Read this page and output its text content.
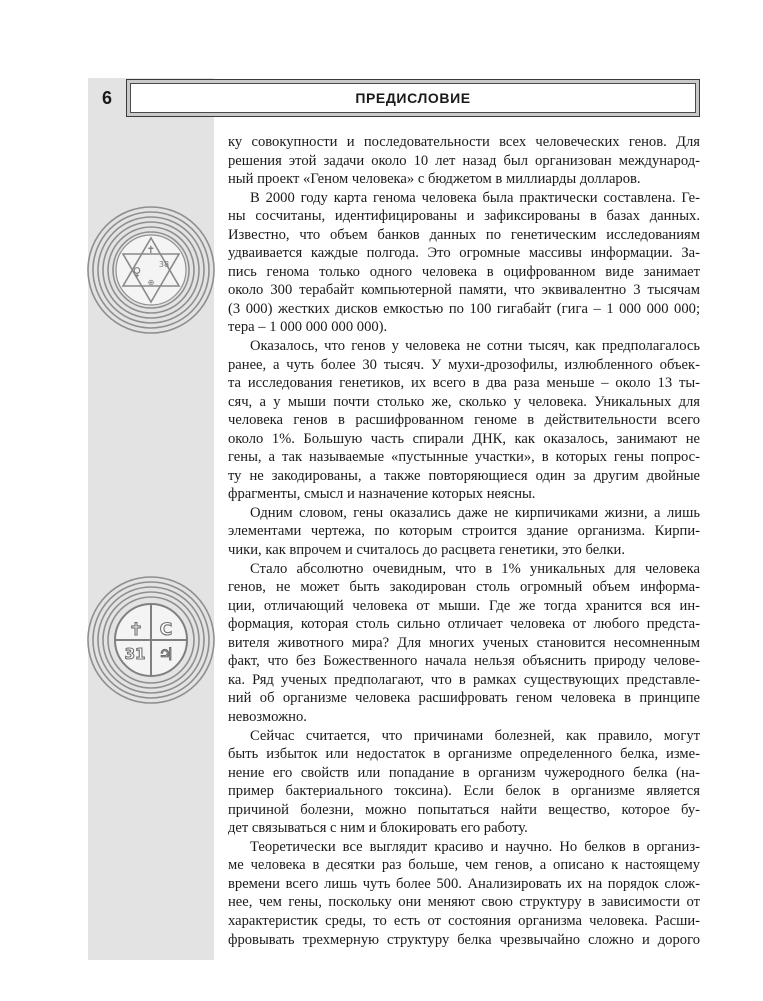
6	ПРЕДИСЛОВИЕ
✝
38
♀
⊕
✝ C
31 ♃
ку совокупности и последовательности всех человеческих генов. Для
решения этой задачи около 10 лет назад был организован международ-
ный проект «Геном человека» с бюджетом в миллиарды долларов.
В 2000 году карта генома человека была практически составлена. Ге-
ны сосчитаны, идентифицированы и зафиксированы в базах данных.
Известно, что объем банков данных по генетическим исследованиям
удваивается каждые полгода. Это огромные массивы информации. За-
пись генома только одного человека в оцифрованном виде занимает
около 300 терабайт компьютерной памяти, что эквивалентно 3 тысячам
(3 000) жестких дисков емкостью по 100 гигабайт (гига – 1 000 000 000;
тера – 1 000 000 000 000).
Оказалось, что генов у человека не сотни тысяч, как предполагалось
ранее, а чуть более 30 тысяч. У мухи-дрозофилы, излюбленного объек-
та исследования генетиков, их всего в два раза меньше – около 13 ты-
сяч, а у мыши почти столько же, сколько у человека. Уникальных для
человека генов в расшифрованном геноме в действительности всего
около 1%. Большую часть спирали ДНК, как оказалось, занимают не
гены, а так называемые «пустынные участки», в которых гены попрос-
ту не закодированы, а также повторяющиеся один за другим двойные
фрагменты, смысл и назначение которых неясны.
Одним словом, гены оказались даже не кирпичиками жизни, а лишь
элементами чертежа, по которым строится здание организма. Кирпи-
чики, как впрочем и считалось до расцвета генетики, это белки.
Стало абсолютно очевидным, что в 1% уникальных для человека
генов, не может быть закодирован столь огромный объем информа-
ции, отличающий человека от мыши. Где же тогда хранится вся ин-
формация, которая столь сильно отличает человека от любого предста-
вителя животного мира? Для многих ученых становится несомненным
факт, что без Божественного начала нельзя объяснить природу челове-
ка. Ряд ученых предполагают, что в рамках существующих представле-
ний об организме человека расшифровать геном человека в принципе
невозможно.
Сейчас считается, что причинами болезней, как правило, могут
быть избыток или недостаток в организме определенного белка, изме-
нение его свойств или попадание в организм чужеродного белка (на-
пример бактериального токсина). Если белок в организме является
причиной болезни, можно попытаться найти вещество, которое бу-
дет связываться с ним и блокировать его работу.
Теоретически все выглядит красиво и научно. Но белков в организ-
ме человека в десятки раз больше, чем генов, а описано к настоящему
времени всего лишь чуть более 500. Анализировать их на порядок слож-
нее, чем гены, поскольку они меняют свою структуру в зависимости от
характеристик среды, то есть от состояния организма человека. Расши-
фровывать трехмерную структуру белка чрезвычайно сложно и дорого
